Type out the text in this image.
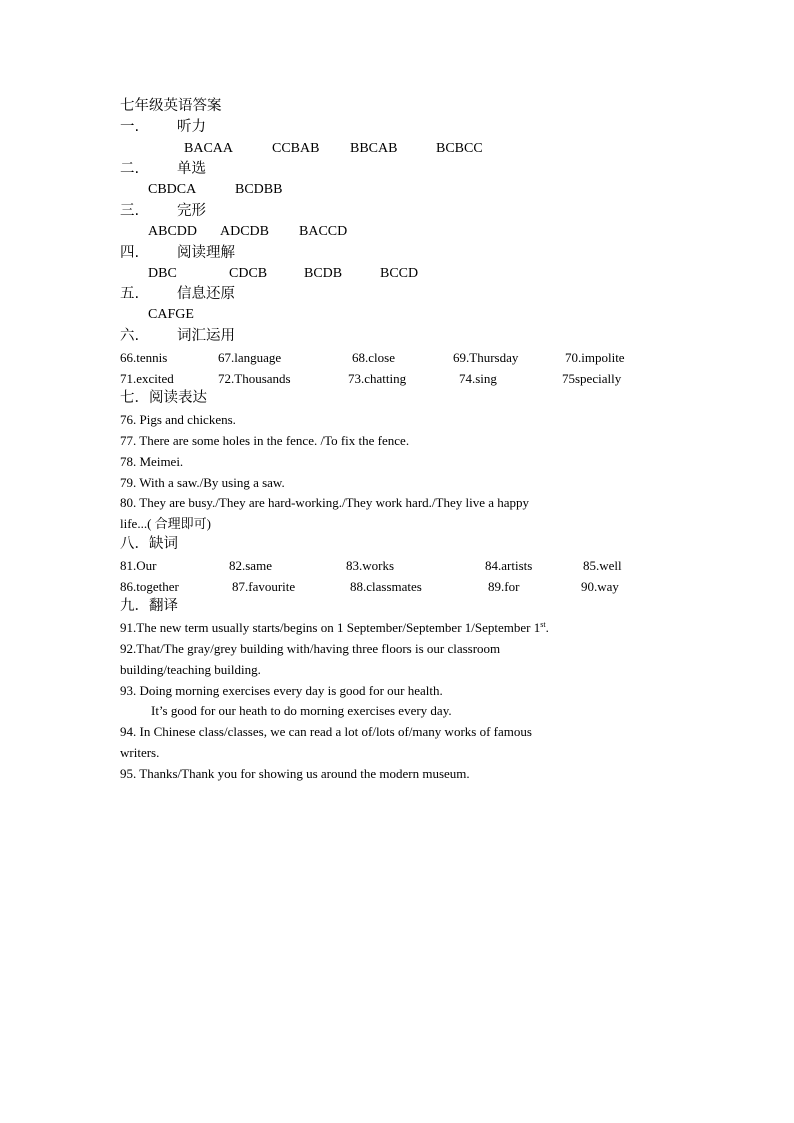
七年级英语答案
一.	听力
BACAA	CCBAB BBCAB	BCBCC
二.	单选
CBDCA	BCDBB
三.	完形
ABCDD ADCDB BACCD
四.	阅读理解
DBC	CDCB	BCDB	BCCD
五.	信息还原
CAFGE
六.	词汇运用
66.tennis	67.language	68.close	69.Thursday	70.impolite
71.excited	72.Thousands	73.chatting	74.sing	75specially
七．阅读表达
76. Pigs and chickens.
77. There are some holes in the fence. /To fix the fence.
78. Meimei.
79. With a saw./By using a saw.
80. They are busy./They are hard-working./They work hard./They live a happy
life...( 合理即可)
八．缺词
81.Our	82.same	83.works	84.artists	85.well
86.together	87.favourite	88.classmates	89.for	90.way
九．翻译
91.The new term usually starts/begins on 1 September/September 1/September 1st.
92.That/The gray/grey building with/having three floors is our classroom
building/teaching building.
93. Doing morning exercises every day is good for our health.
It’s good for our heath to do morning exercises every day.
94. In Chinese class/classes, we can read a lot of/lots of/many works of famous
writers.
95. Thanks/Thank you for showing us around the modern museum.
